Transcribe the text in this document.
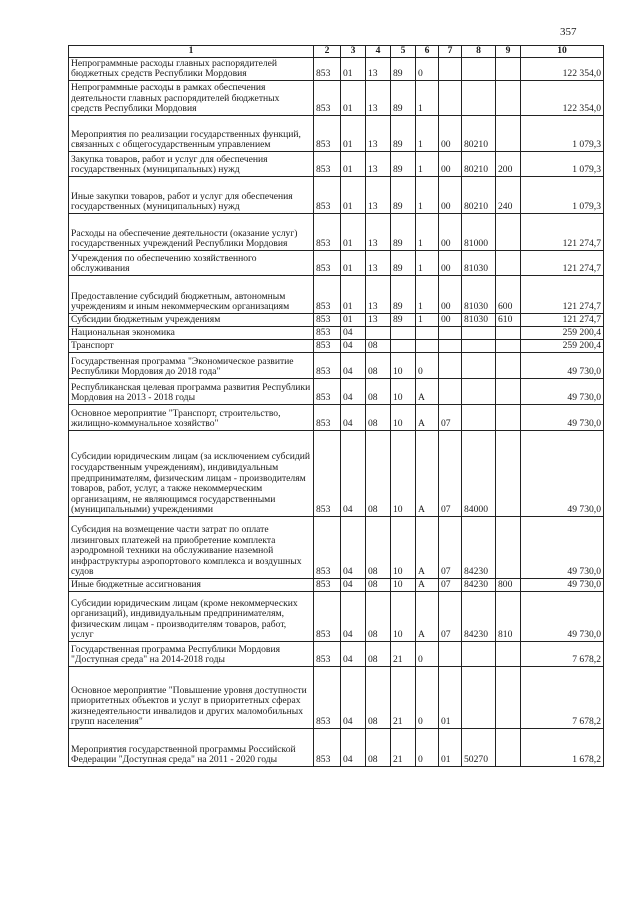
357
1	2	3	4	5	6	7	8	9	10
Непрограммные расходы главных распорядителей бюджетных средств Республики Мордовия	853	01	13	89	0				122 354,0
Непрограммные расходы в рамках обеспечения деятельности главных распорядителей бюджетных средств Республики Мордовия	853	01	13	89	1				122 354,0
Мероприятия по реализации государственных функций, связанных с общегосударственным управлением	853	01	13	89	1	00	80210		1 079,3
Закупка товаров, работ и услуг для обеспечения государственных (муниципальных) нужд	853	01	13	89	1	00	80210	200	1 079,3
Иные закупки товаров, работ и услуг для обеспечения государственных (муниципальных) нужд	853	01	13	89	1	00	80210	240	1 079,3
Расходы на обеспечение деятельности (оказание услуг) государственных учреждений Республики Мордовия	853	01	13	89	1	00	81000		121 274,7
Учреждения по обеспечению хозяйственного обслуживания	853	01	13	89	1	00	81030		121 274,7
Предоставление субсидий бюджетным, автономным учреждениям и иным некоммерческим организациям	853	01	13	89	1	00	81030	600	121 274,7
Субсидии бюджетным учреждениям	853	01	13	89	1	00	81030	610	121 274,7
Национальная экономика	853	04							259 200,4
Транспорт	853	04	08						259 200,4
Государственная программа "Экономическое развитие Республики Мордовия до 2018 года"	853	04	08	10	0				49 730,0
Республиканская целевая программа развития Республики Мордовия на 2013 - 2018 годы	853	04	08	10	А				49 730,0
Основное мероприятие "Транспорт, строительство, жилищно-коммунальное хозяйство"	853	04	08	10	А	07			49 730,0
Субсидии юридическим лицам (за исключением субсидий государственным учреждениям), индивидуальным предпринимателям, физическим лицам - производителям товаров, работ, услуг, а также некоммерческим организациям, не являющимся государственными (муниципальными) учреждениями	853	04	08	10	А	07	84000		49 730,0
Субсидия на возмещение части затрат по оплате лизинговых платежей на приобретение комплекта аэродромной техники на обслуживание наземной инфраструктуры аэропортового комплекса и воздушных судов	853	04	08	10	А	07	84230		49 730,0
Иные бюджетные ассигнования	853	04	08	10	А	07	84230	800	49 730,0
Субсидии юридическим лицам (кроме некоммерческих организаций), индивидуальным предпринимателям, физическим лицам - производителям товаров, работ, услуг	853	04	08	10	А	07	84230	810	49 730,0
Государственная программа Республики Мордовия "Доступная среда" на 2014-2018 годы	853	04	08	21	0				7 678,2
Основное мероприятие "Повышение уровня доступности приоритетных объектов и услуг в приоритетных сферах жизнедеятельности инвалидов и других маломобильных групп населения"	853	04	08	21	0	01			7 678,2
Мероприятия государственной программы Российской Федерации "Доступная среда" на 2011 - 2020 годы	853	04	08	21	0	01	50270		1 678,2
